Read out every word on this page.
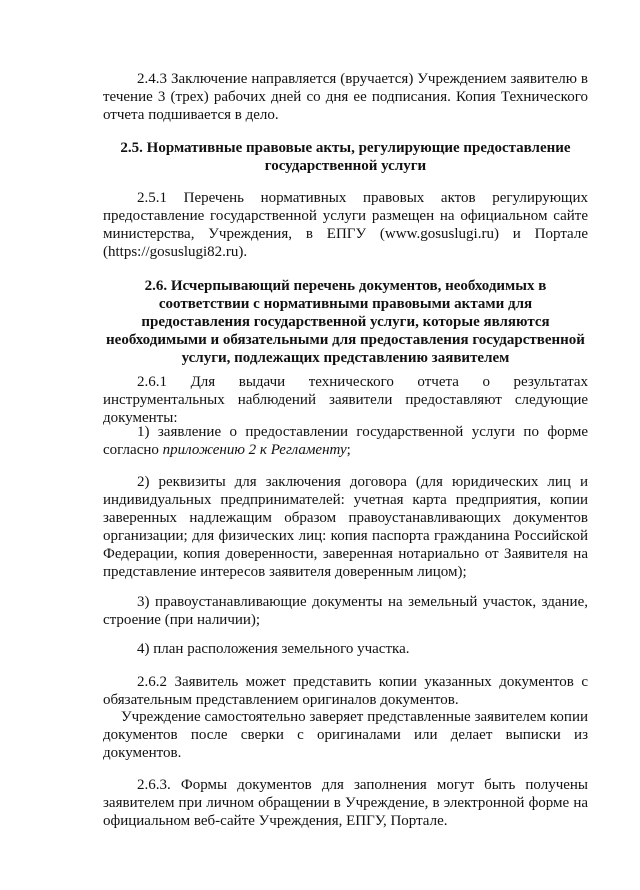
2.4.3 Заключение направляется (вручается) Учреждением заявителю в течение 3 (трех) рабочих дней со дня ее подписания. Копия Технического отчета подшивается в дело.
2.5. Нормативные правовые акты, регулирующие предоставление государственной услуги
2.5.1 Перечень нормативных правовых актов регулирующих предоставление государственной услуги размещен на официальном сайте министерства, Учреждения, в ЕПГУ (www.gosuslugi.ru) и Портале (https://gosuslugi82.ru).
2.6. Исчерпывающий перечень документов, необходимых в соответствии с нормативными правовыми актами для предоставления государственной услуги, которые являются необходимыми и обязательными для предоставления государственной услуги, подлежащих представлению заявителем
2.6.1 Для выдачи технического отчета о результатах инструментальных наблюдений заявители предоставляют следующие документы:
1) заявление о предоставлении государственной услуги по форме согласно приложению 2 к Регламенту;
2) реквизиты для заключения договора (для юридических лиц и индивидуальных предпринимателей: учетная карта предприятия, копии заверенных надлежащим образом правоустанавливающих документов организации; для физических лиц: копия паспорта гражданина Российской Федерации, копия доверенности, заверенная нотариально от Заявителя на представление интересов заявителя доверенным лицом);
3) правоустанавливающие документы на земельный участок, здание, строение (при наличии);
4) план расположения земельного участка.
2.6.2 Заявитель может представить копии указанных документов с обязательным представлением оригиналов документов.
Учреждение самостоятельно заверяет представленные заявителем копии документов после сверки с оригиналами или делает выписки из документов.
2.6.3. Формы документов для заполнения могут быть получены заявителем при личном обращении в Учреждение, в электронной форме на официальном веб-сайте Учреждения, ЕПГУ, Портале.
